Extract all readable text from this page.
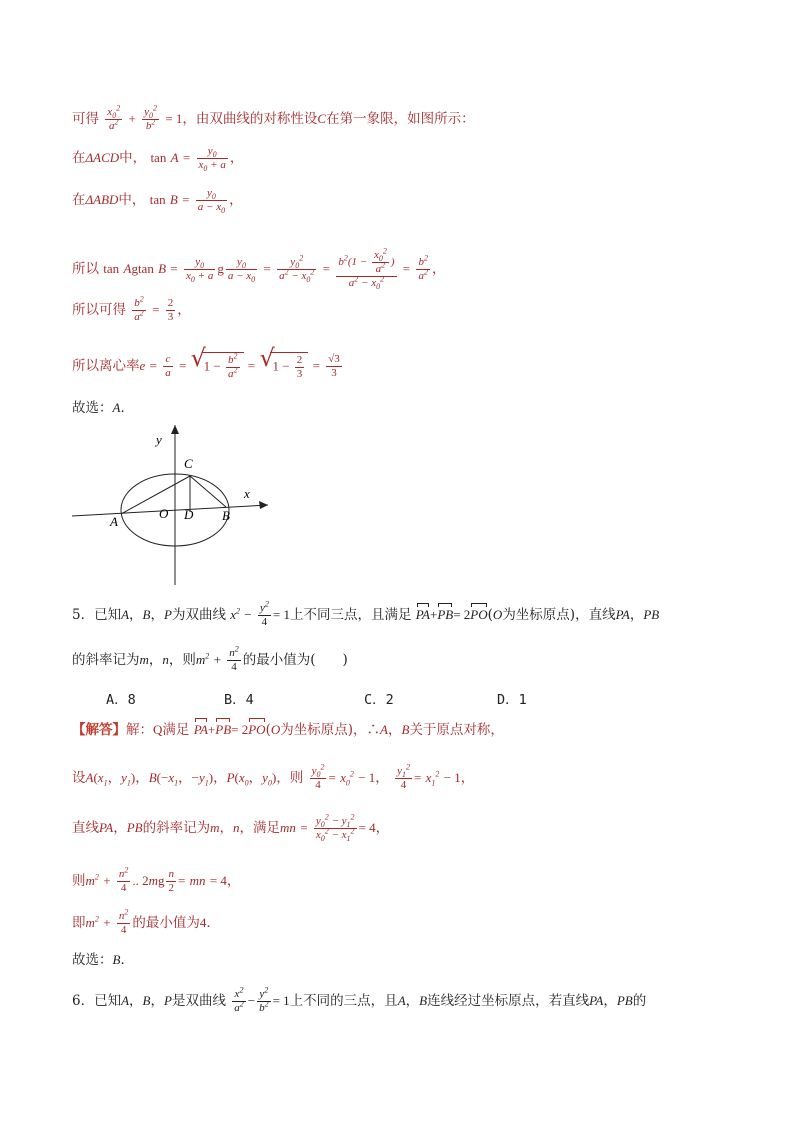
可得 $\frac{x_0^2}{a^2} + \frac{y_0^2}{b^2} = 1$，由双曲线的对称性设C在第一象限，如图所示：
在ΔACD中， $\tan A = \frac{y_0}{x_0 + a}$ ，
在ΔABD中， $\tan B = \frac{y_0}{a - x_0}$ ，
所以 tan Agtan $B = \frac{y_0}{x_0 + a}$ g $\frac{y_0}{a - x_0} = \frac{y_0^2}{a^2 - x_0^2} = \frac{b^2(1 - \frac{x_0^2}{a^2} )}{a^2 - x_0^2} = \frac{b^2}{a^2}$ ，
所以可得 $\frac{b^2}{a^2} = \frac{2}{3}$ ，
所以离心率$e = \frac{c}{a}$ = √
$1 - \frac{b^2}{a^2}$ = √
$1 - \frac{2}{3} = \frac{√3}{3}$
故选：A．
y
x
C
A
O D B
5．已知A，B，P为双曲线 $x^2 - \frac{y^2}{4} = 1$上不同三点，且满足 PA+PB= 2PO(O为坐标原点)，直线PA，PB
的斜率记为m，n，则$m^2 + \frac{n^2}{4}$ 的最小值为(　　)
A．8	B．4	C．2	D．1
【解答】解：Q满足 PA+PB= 2PO(O为坐标原点)，∴A，B关于原点对称，
设$A(x_1$，$y_1$)，$B(-x_1$，$-y_1$)，$P(x_0$，$y_0$)，则 $\frac{y_0^2}{4} = x_0^2 - 1$， $\frac{y_1^2}{4} = x_1^2 - 1$，
直线PA，PB的斜率记为m，n，满足mn = $\frac{y_0^2 - y_1^2}{x_0^2 - x_1^2} = 4$，
则$m^2 + \frac{n^2}{4}$ .. $2mg \frac{n}{2}$ = mn = 4，
即$m^2 + \frac{n^2}{4}$ 的最小值为4．
故选：B．
6．已知A，B，P是双曲线 $\frac{x^2}{a^2} - \frac{y^2}{b^2} = 1$上不同的三点，且A，B连线经过坐标原点，若直线PA，PB的
